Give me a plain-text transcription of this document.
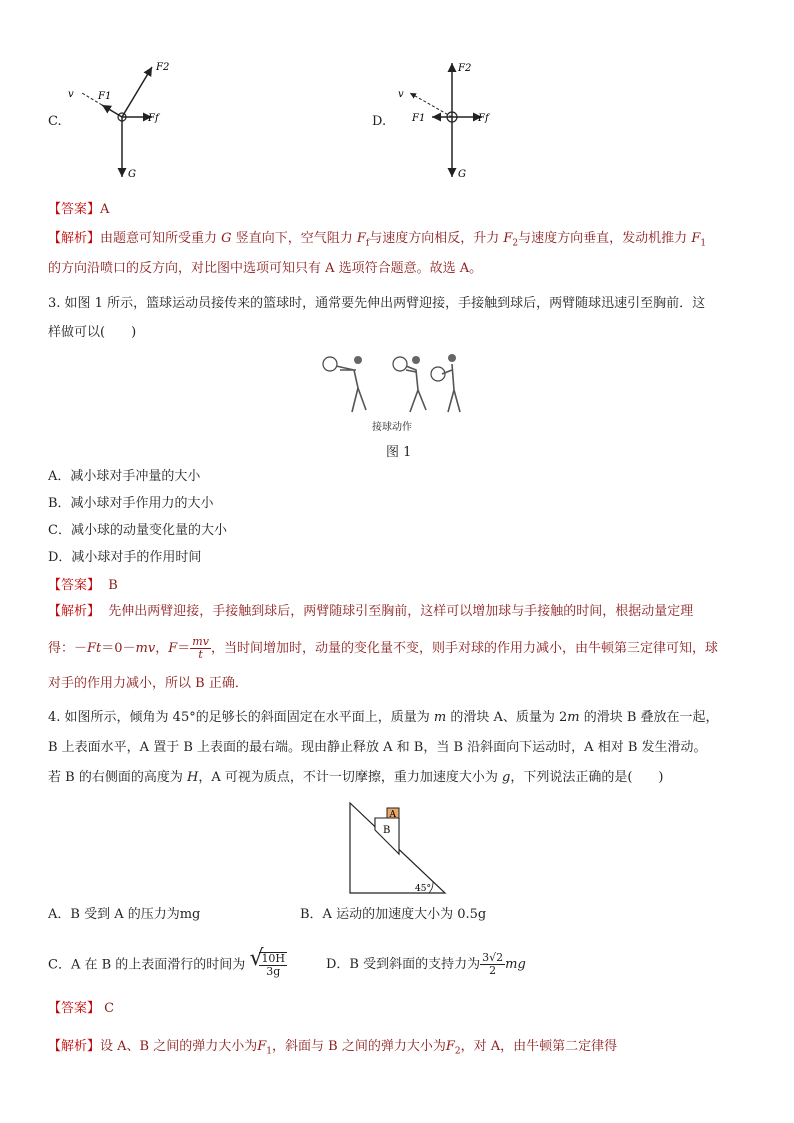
C.
v F1
F2
Ff
G
D.
v
F1
F2
Ff
G
【答案】A
【解析】由题意可知所受重力 G 竖直向下，空气阻力 $F_f$与速度方向相反，升力 $F_2$与速度方向垂直，发动机推力 $F_1$
的方向沿喷口的反方向，对比图中选项可知只有 A 选项符合题意。故选 A。
3. 如图 1 所示，篮球运动员接传来的篮球时，通常要先伸出两臂迎接，手接触到球后，两臂随球迅速引至胸前．这
样做可以(　　)
接球动作
图 1
A．减小球对手冲量的大小
B．减小球对手作用力的大小
C．减小球的动量变化量的大小
D．减小球对手的作用时间
【答案】 B
【解析】 先伸出两臂迎接，手接触到球后，两臂随球引至胸前，这样可以增加球与手接触的时间，根据动量定理
得：－Ft＝0－mv，$F= \frac{mv}{t}$ ，当时间增加时，动量的变化量不变，则手对球的作用力减小，由牛顿第三定律可知，球
对手的作用力减小，所以 B 正确．
4. 如图所示，倾角为 45°的足够长的斜面固定在水平面上，质量为 m 的滑块 A、质量为 2m 的滑块 B 叠放在一起，
B 上表面水平，A 置于 B 上表面的最右端。现由静止释放 A 和 B，当 B 沿斜面向下运动时，A 相对 B 发生滑动。
若 B 的右侧面的高度为 H，A 可视为质点，不计一切摩擦，重力加速度大小为 g，下列说法正确的是(　　)
A
B
45°
A．B 受到 A 的压力为mg	B．A 运动的加速度大小为 0.5g
C．A 在 B 的上表面滑行的时间为 √
$\frac{10H}{3g}$	D．B 受到斜面的支持力为 $\frac{3√2}{2}$ mg
【答案】 C
【解析】设 A、B 之间的弹力大小为$F_1$，斜面与 B 之间的弹力大小为$F_2$，对 A，由牛顿第二定律得
